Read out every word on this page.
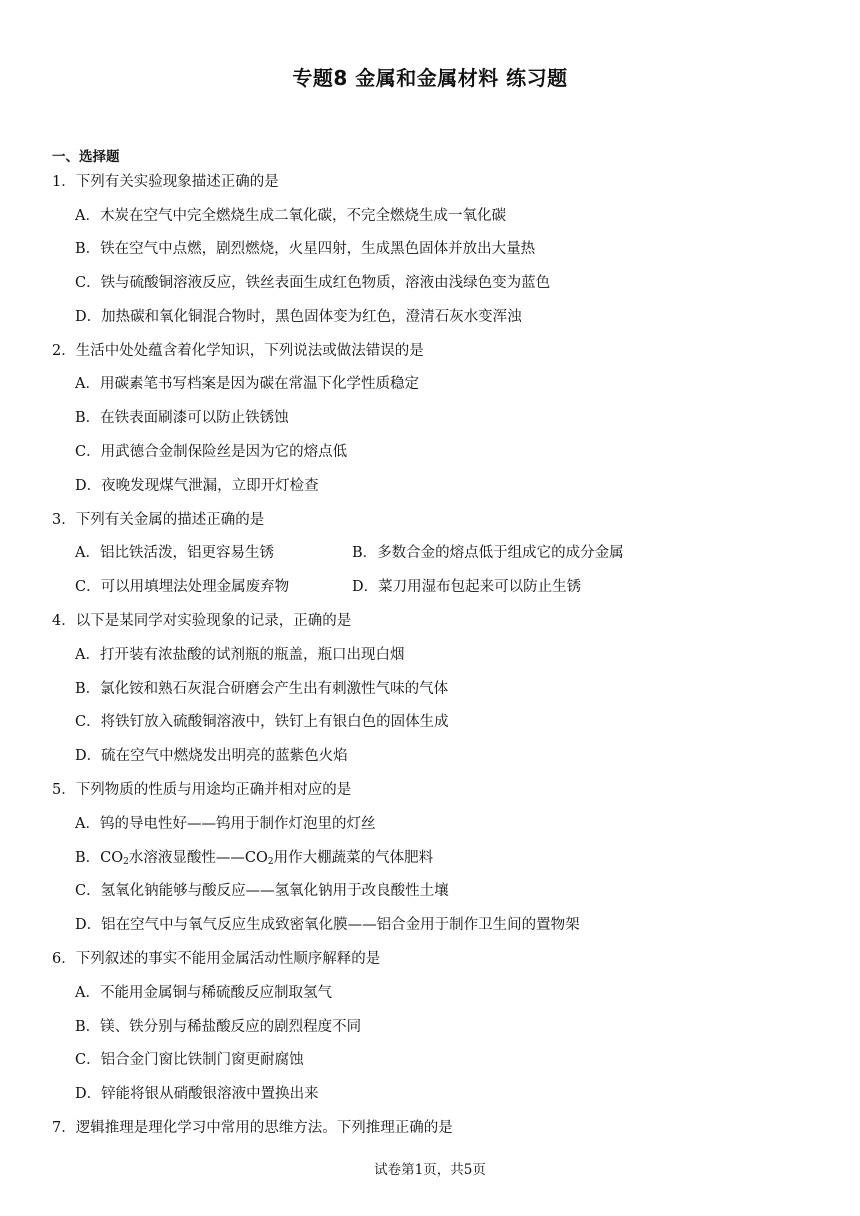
专题8 金属和金属材料 练习题
一、选择题
1．下列有关实验现象描述正确的是
A．木炭在空气中完全燃烧生成二氧化碳，不完全燃烧生成一氧化碳
B．铁在空气中点燃，剧烈燃烧，火星四射，生成黑色固体并放出大量热
C．铁与硫酸铜溶液反应，铁丝表面生成红色物质，溶液由浅绿色变为蓝色
D．加热碳和氧化铜混合物时，黑色固体变为红色，澄清石灰水变浑浊
2．生活中处处蕴含着化学知识，下列说法或做法错误的是
A．用碳素笔书写档案是因为碳在常温下化学性质稳定
B．在铁表面刷漆可以防止铁锈蚀
C．用武德合金制保险丝是因为它的熔点低
D．夜晚发现煤气泄漏，立即开灯检查
3．下列有关金属的描述正确的是
A．铝比铁活泼，铝更容易生锈	B．多数合金的熔点低于组成它的成分金属
C．可以用填埋法处理金属废弃物	D．菜刀用湿布包起来可以防止生锈
4．以下是某同学对实验现象的记录，正确的是
A．打开装有浓盐酸的试剂瓶的瓶盖，瓶口出现白烟
B．氯化铵和熟石灰混合研磨会产生出有刺激性气味的气体
C．将铁钉放入硫酸铜溶液中，铁钉上有银白色的固体生成
D．硫在空气中燃烧发出明亮的蓝紫色火焰
5．下列物质的性质与用途均正确并相对应的是
A．钨的导电性好——钨用于制作灯泡里的灯丝
B．$CO_2$水溶液显酸性$——CO_2$用作大棚蔬菜的气体肥料
C．氢氧化钠能够与酸反应——氢氧化钠用于改良酸性土壤
D．铝在空气中与氧气反应生成致密氧化膜——铝合金用于制作卫生间的置物架
6．下列叙述的事实不能用金属活动性顺序解释的是
A．不能用金属铜与稀硫酸反应制取氢气
B．镁、铁分别与稀盐酸反应的剧烈程度不同
C．铝合金门窗比铁制门窗更耐腐蚀
D．锌能将银从硝酸银溶液中置换出来
7．逻辑推理是理化学习中常用的思维方法。下列推理正确的是
试卷第1页，共5页
